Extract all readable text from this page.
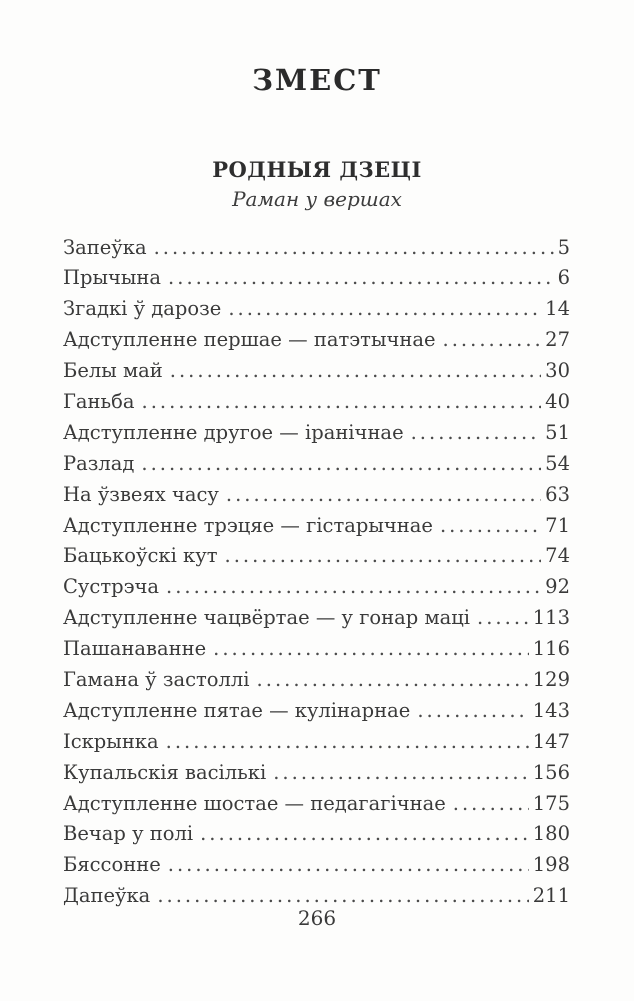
ЗМЕСТ
РОДНЫЯ ДЗЕЦІ

Раман у вершах

Запеўка .....	5
Прычына .....	6
Згадкі ў дарозе .....	14
Адступленне першае — патэтычнае .....	27
Белы май .....	30
Ганьба .....	40
Адступленне другое — іранічнае .....	51
Разлад .....	54
На ўзвеях часу .....	63
Адступленне трэцяе — гістарычнае .....	71
Бацькоўскі кут .....	74
Сустрэча .....	92
Адступленне чацвёртае — у гонар маці .....	113
Пашанаванне .....	116
Гамана ў застоллі .....	129
Адступленне пятае — кулінарнае .....	143
Іскрынка .....	147
Купальскія васількі .....	156
Адступленне шостае — педагагічнае .....	175
Вечар у полі .....	180
Бяссонне .....	198
Дапеўка .....	211
266
